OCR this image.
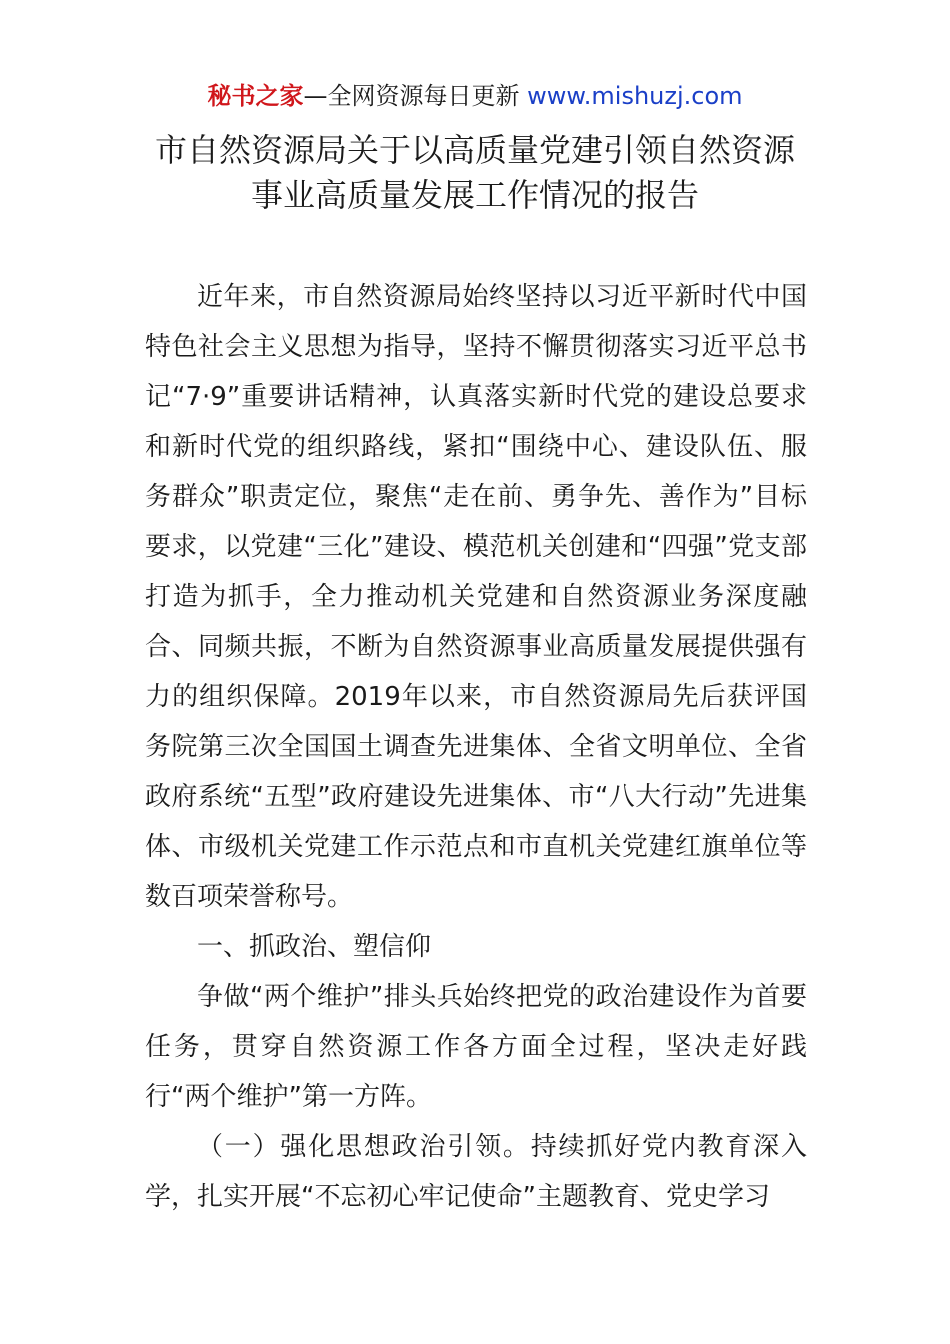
秘书之家—全网资源每日更新 www.mishuzj.com
市自然资源局关于以高质量党建引领自然资源
事业高质量发展工作情况的报告

近年来，市自然资源局始终坚持以习近平新时代中国特色社会主义思想为指导，坚持不懈贯彻落实习近平总书记“7·9”重要讲话精神，认真落实新时代党的建设总要求和新时代党的组织路线，紧扣“围绕中心、建设队伍、服务群众”职责定位，聚焦“走在前、勇争先、善作为”目标要求，以党建“三化”建设、模范机关创建和“四强”党支部打造为抓手，全力推动机关党建和自然资源业务深度融合、同频共振，不断为自然资源事业高质量发展提供强有力的组织保障。2019年以来，市自然资源局先后获评国务院第三次全国国土调查先进集体、全省文明单位、全省政府系统“五型”政府建设先进集体、市“八大行动”先进集体、市级机关党建工作示范点和市直机关党建红旗单位等数百项荣誉称号。

一、抓政治、塑信仰

争做“两个维护”排头兵始终把党的政治建设作为首要任务，贯穿自然资源工作各方面全过程，坚决走好践行“两个维护”第一方阵。

（一）强化思想政治引领。持续抓好党内教育深入学，扎实开展“不忘初心牢记使命”主题教育、党史学习
